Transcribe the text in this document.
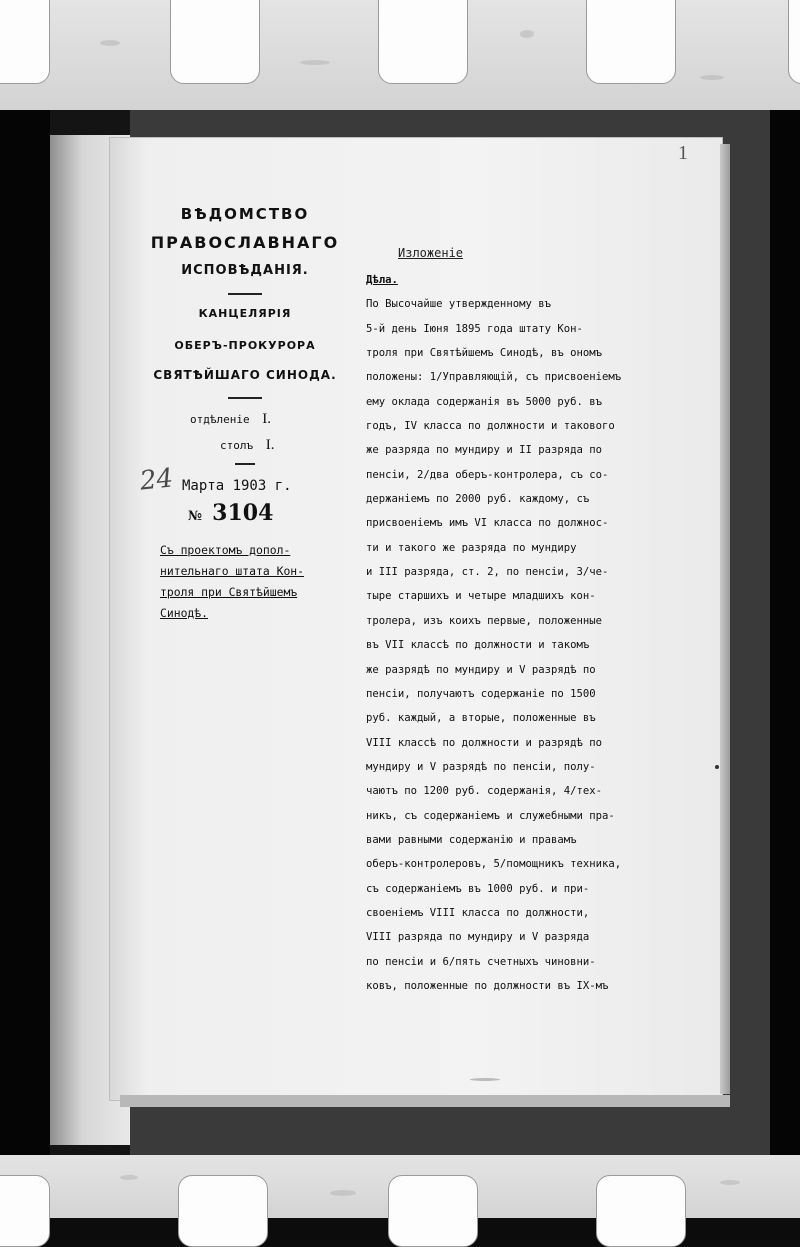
1
ВѢДОМСТВО
ПРАВОСЛАВНАГО
ИСПОВѢДАНІЯ.
КАНЦЕЛЯРІЯ
ОБЕРЪ-ПРОКУРОРА
СВЯТѢЙШАГО СИНОДА.
отдѣленіе I.
столъ I.
24 Марта 1903 г.
№ 3104
Съ проектомъ допол-
нительнаго штата Кон-
троля при Святѣйшемъ
Синодѣ.
Изложеніе
Дѣла.
По Высочайше утвержденному въ
5-й день Іюня 1895 года штату Кон-
троля при Святѣйшемъ Синодѣ, въ ономъ
положены: 1/Управляющій, съ присвоеніемъ
ему оклада содержанія въ 5000 руб. въ
годъ, IV класса по должности и такового
же разряда по мундиру и II разряда по
пенсіи, 2/два оберъ-контролера, съ со-
держаніемъ по 2000 руб. каждому, съ
присвоеніемъ имъ VI класса по должнос-
ти и такого же разряда по мундиру
и III разряда, ст. 2, по пенсіи, 3/че-
тыре старшихъ и четыре младшихъ кон-
тролера, изъ коихъ первые, положенные
въ VII классѣ по должности и такомъ
же разрядѣ по мундиру и V разрядѣ по
пенсіи, получаютъ содержаніе по 1500
руб. каждый, а вторые, положенные въ
VIII классѣ по должности и разрядѣ по
мундиру и V разрядѣ по пенсіи, полу-
чаютъ по 1200 руб. содержанія, 4/тех-
никъ, съ содержаніемъ и служебными пра-
вами равными содержанію и правамъ
оберъ-контролеровъ, 5/помощникъ техника,
съ содержаніемъ въ 1000 руб. и при-
своеніемъ VIII класса по должности,
VIII разряда по мундиру и V разряда
по пенсіи и 6/пять счетныхъ чиновни-
ковъ, положенные по должности въ IX-мъ
